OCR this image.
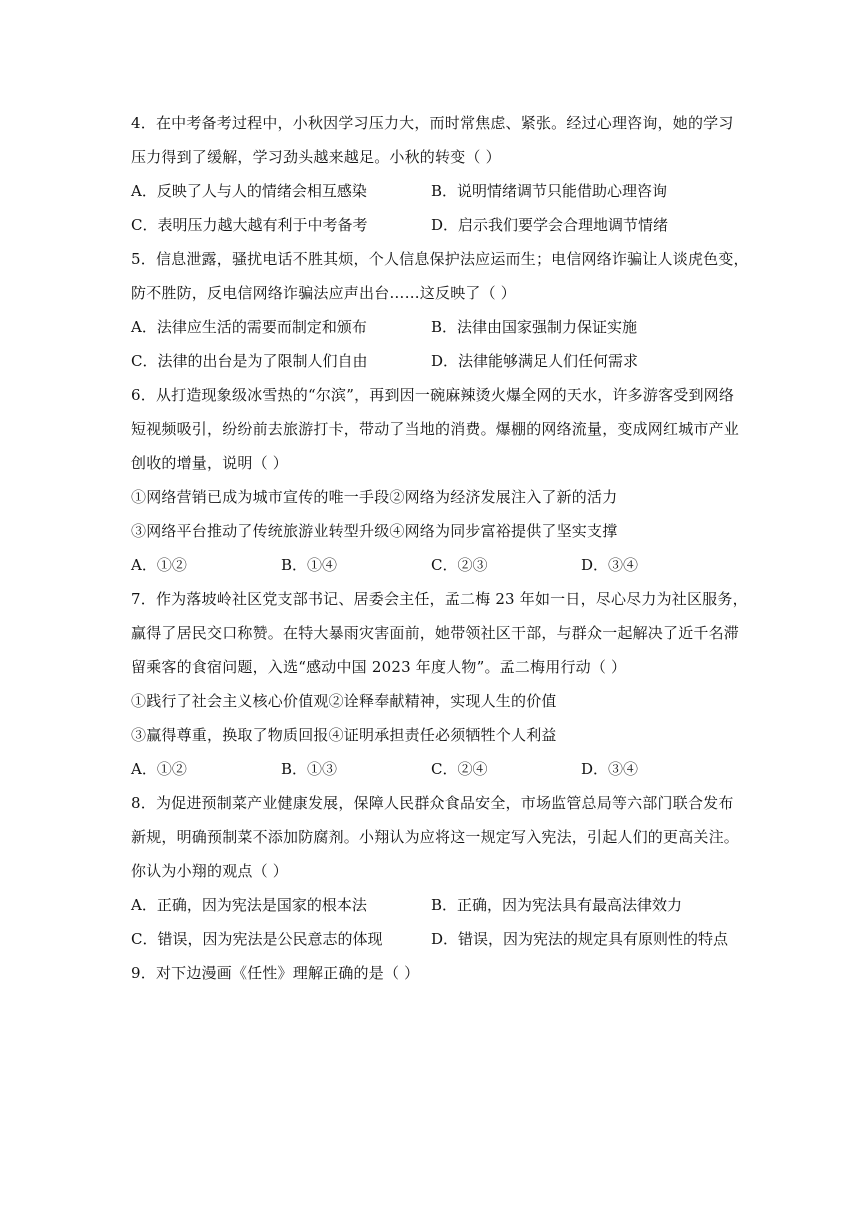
4．在中考备考过程中，小秋因学习压力大，而时常焦虑、紧张。经过心理咨询，她的学习
压力得到了缓解，学习劲头越来越足。小秋的转变（ ）
A．反映了人与人的情绪会相互感染	B．说明情绪调节只能借助心理咨询
C．表明压力越大越有利于中考备考	D．启示我们要学会合理地调节情绪
5．信息泄露，骚扰电话不胜其烦，个人信息保护法应运而生；电信网络诈骗让人谈虎色变，
防不胜防，反电信网络诈骗法应声出台……这反映了（ ）
A．法律应生活的需要而制定和颁布	B．法律由国家强制力保证实施
C．法律的出台是为了限制人们自由	D．法律能够满足人们任何需求
6．从打造现象级冰雪热的“尔滨”，再到因一碗麻辣烫火爆全网的天水，许多游客受到网络
短视频吸引，纷纷前去旅游打卡，带动了当地的消费。爆棚的网络流量，变成网红城市产业
创收的增量，说明（ ）
①网络营销已成为城市宣传的唯一手段②网络为经济发展注入了新的活力
③网络平台推动了传统旅游业转型升级④网络为同步富裕提供了坚实支撑
A．①②	B．①④	C．②③	D．③④
7．作为落坡岭社区党支部书记、居委会主任，孟二梅 23 年如一日，尽心尽力为社区服务，
赢得了居民交口称赞。在特大暴雨灾害面前，她带领社区干部，与群众一起解决了近千名滞
留乘客的食宿问题，入选“感动中国 2023 年度人物”。孟二梅用行动（ ）
①践行了社会主义核心价值观②诠释奉献精神，实现人生的价值
③赢得尊重，换取了物质回报④证明承担责任必须牺牲个人利益
A．①②	B．①③	C．②④	D．③④
8．为促进预制菜产业健康发展，保障人民群众食品安全，市场监管总局等六部门联合发布
新规，明确预制菜不添加防腐剂。小翔认为应将这一规定写入宪法，引起人们的更高关注。
你认为小翔的观点（ ）
A．正确，因为宪法是国家的根本法	B．正确，因为宪法具有最高法律效力
C．错误，因为宪法是公民意志的体现	D．错误，因为宪法的规定具有原则性的特点
9．对下边漫画《任性》理解正确的是（ ）
